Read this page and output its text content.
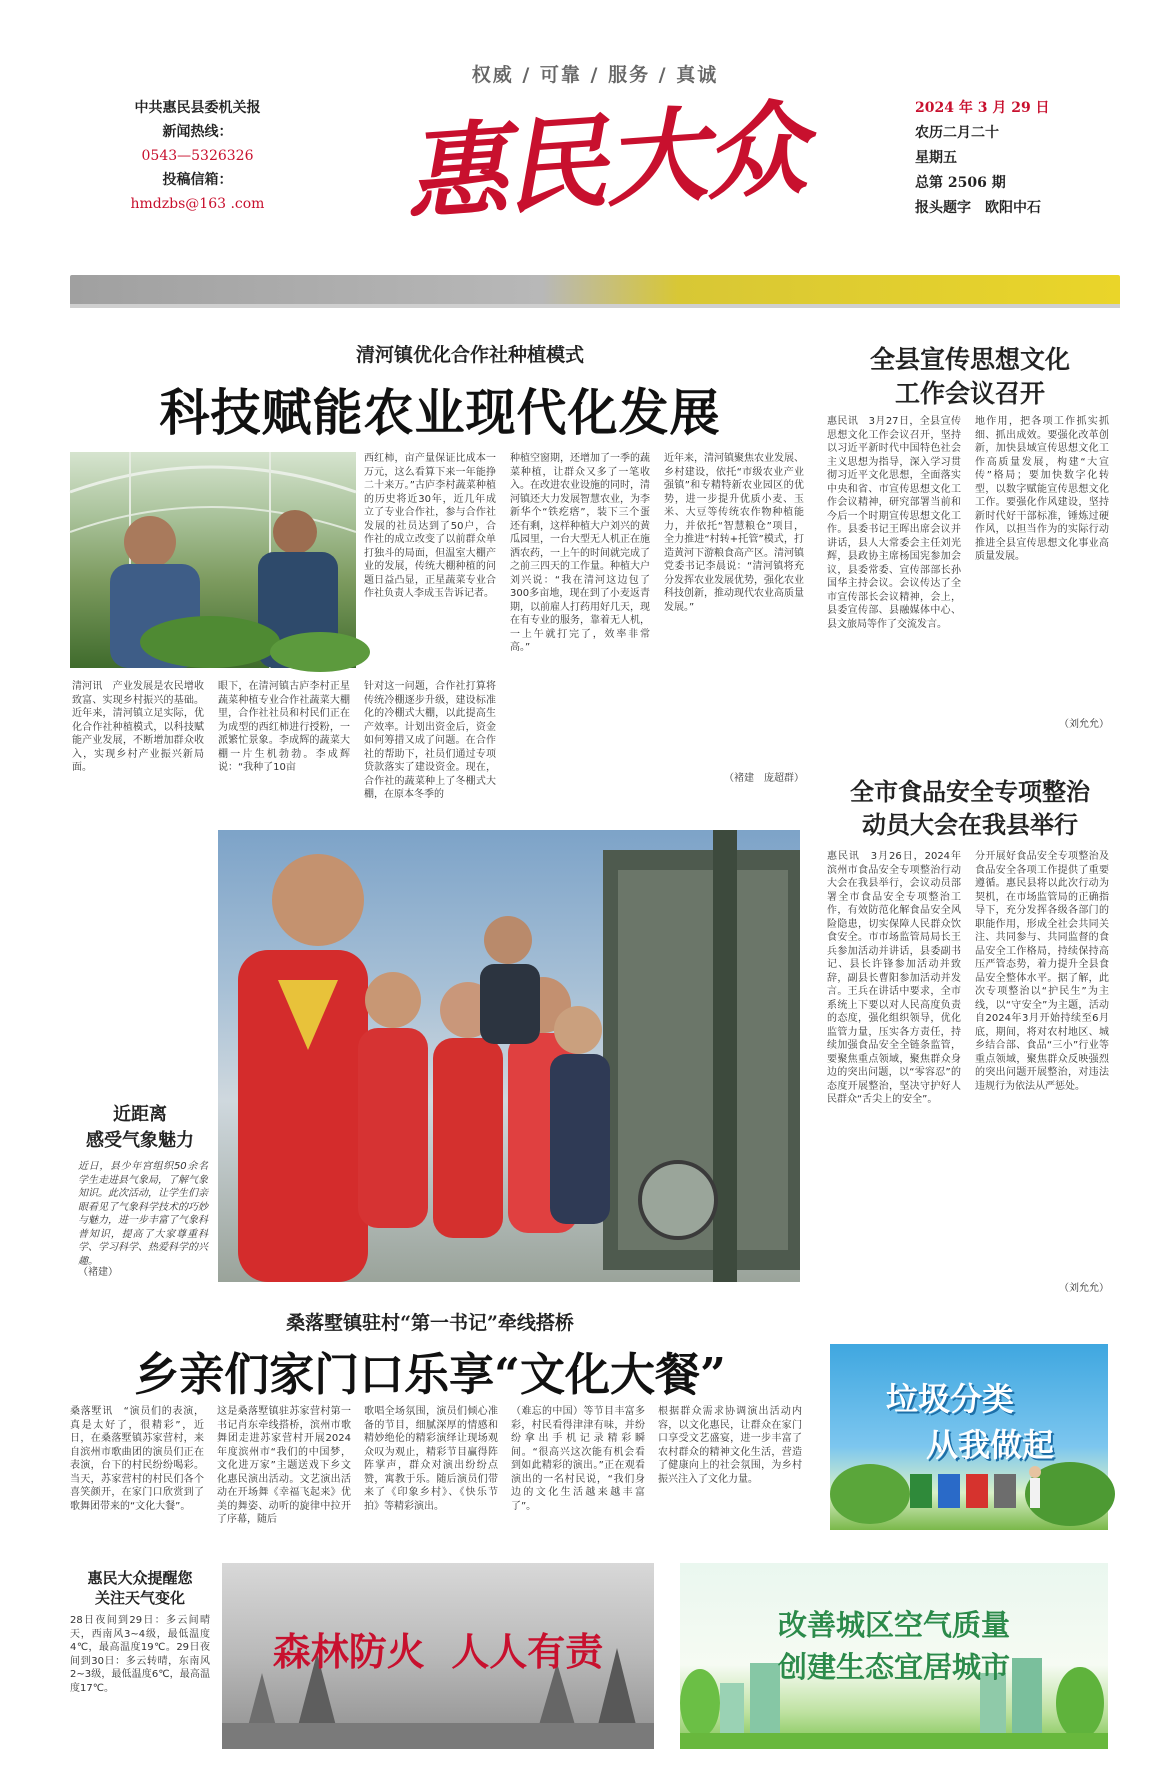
权威 / 可靠 / 服务 / 真诚
中共惠民县委机关报
新闻热线：
0543—5326326
投稿信箱：
hmdzbs@163 .com 惠民大众	2024 年 3 月 29 日
农历二月二十
星期五
总第 2506 期
报头题字　欧阳中石
清河镇优化合作社种植模式
科技赋能农业现代化发展
清河讯　产业发展是农民增收致富、实现乡村振兴的基础。近年来，清河镇立足实际，优化合作社种植模式，以科技赋能产业发展，不断增加群众收入，实现乡村产业振兴新局面。
眼下，在清河镇古庐李村正星蔬菜种植专业合作社蔬菜大棚里，合作社社员和村民们正在为成型的西红柿进行授粉，一派繁忙景象。李成辉的蔬菜大棚一片生机勃勃。李成辉说：“我种了10亩
针对这一问题，合作社打算将传统冷棚逐步升级，建设标准化的冷棚式大棚，以此提高生产效率。计划出资金后，资金如何筹措又成了问题。在合作社的帮助下，社员们通过专项贷款落实了建设资金。现在，合作社的蔬菜种上了冬棚式大棚，在原本冬季的
西红柿，亩产量保证比成本一万元，这么看算下来一年能挣二十来万。”古庐李村蔬菜种植的历史将近30年，近几年成立了专业合作社，参与合作社发展的社员达到了50户，合作社的成立改变了以前群众单打独斗的局面，但温室大棚产业的发展，传统大棚种植的问题日益凸显，正星蔬菜专业合作社负责人李成玉告诉记者。
种植空窗期，还增加了一季的蔬菜种植，让群众又多了一笔收入。在改进农业设施的同时，清河镇还大力发展智慧农业，为李新华个“铁疙瘩”，装下三个蛋还有剩，这样种植大户刘兴的黄瓜园里，一台大型无人机正在施洒农药，一上午的时间就完成了之前三四天的工作量。种植大户刘兴说：“我在清河这边包了300多亩地，现在到了小麦返青期，以前雇人打药用好几天，现在有专业的服务，靠着无人机，一上午就打完了，效率非常高。”
近年来，清河镇聚焦农业发展、乡村建设，依托“市级农业产业强镇”和专精特新农业园区的优势，进一步提升优质小麦、玉米、大豆等传统农作物种植能力，并依托“智慧粮仓”项目，全力推进“村转+托管”模式，打造黄河下游粮食高产区。清河镇党委书记李晨说：“清河镇将充分发挥农业发展优势，强化农业科技创新，推动现代农业高质量发展。”
（褚建　庞超群）
全县宣传思想文化
工作会议召开
惠民讯　3月27日，全县宣传思想文化工作会议召开，坚持以习近平新时代中国特色社会主义思想为指导，深入学习贯彻习近平文化思想，全面落实中央和省、市宣传思想文化工作会议精神，研究部署当前和今后一个时期宣传思想文化工作。县委书记王晖出席会议并讲话，县人大常委会主任刘光辉，县政协主席杨国宪参加会议，县委常委、宣传部部长孙国华主持会议。会议传达了全市宣传部长会议精神，会上，县委宣传部、县融媒体中心、县文旅局等作了交流发言。
地作用，把各项工作抓实抓细、抓出成效。要强化改革创新，加快县域宣传思想文化工作高质量发展，构建“大宣传”格局；要加快数字化转型，以数字赋能宣传思想文化工作。要强化作风建设，坚持新时代好干部标准，锤炼过硬作风，以担当作为的实际行动推进全县宣传思想文化事业高质量发展。
（刘允允）
全市食品安全专项整治
动员大会在我县举行
惠民讯　3月26日，2024年滨州市食品安全专项整治行动大会在我县举行，会议动员部署全市食品安全专项整治工作，有效防范化解食品安全风险隐患，切实保障人民群众饮食安全。市市场监管局局长王兵参加活动并讲话，县委副书记、县长许锋参加活动并致辞，副县长曹阳参加活动并发言。王兵在讲话中要求，全市系统上下要以对人民高度负责的态度，强化组织领导，优化监管力量，压实各方责任，持续加强食品安全全链条监管，要聚焦重点领域，聚焦群众身边的突出问题，以“零容忍”的态度开展整治，坚决守护好人民群众“舌尖上的安全”。
分开展好食品安全专项整治及食品安全各项工作提供了重要遵循。惠民县将以此次行动为契机，在市场监管局的正确指导下，充分发挥各级各部门的职能作用，形成全社会共同关注、共同参与、共同监督的食品安全工作格局，持续保持高压严管态势，着力提升全县食品安全整体水平。据了解，此次专项整治以“护民生”为主线，以“守安全”为主题，活动自2024年3月开始持续至6月底，期间，将对农村地区、城乡结合部、食品“三小”行业等重点领域，聚焦群众反映强烈的突出问题开展整治，对违法违规行为依法从严惩处。
（刘允允）
近距离
感受气象魅力
近日，县少年宫组织50余名学生走进县气象局，了解气象知识。此次活动，让学生们亲眼看见了气象科学技术的巧妙与魅力，进一步丰富了气象科普知识，提高了大家尊重科学、学习科学、热爱科学的兴趣。
（褚建）
桑落墅镇驻村“第一书记”牵线搭桥
乡亲们家门口乐享“文化大餐”
桑落墅讯　“演员们的表演，真是太好了，很精彩”，近日，在桑落墅镇苏家营村，来自滨州市歌曲团的演员们正在表演，台下的村民纷纷喝彩。当天，苏家营村的村民们各个喜笑颜开，在家门口欣赏到了歌舞团带来的“文化大餐”。
这是桑落墅镇驻苏家营村第一书记肖东牵线搭桥，滨州市歌舞团走进苏家营村开展2024年度滨州市“我们的中国梦，文化进万家”主题送戏下乡文化惠民演出活动。文艺演出活动在开场舞《幸福飞起来》优美的舞姿、动听的旋律中拉开了序幕，随后
歌唱全场氛围，演员们倾心准备的节目，细腻深厚的情感和精妙绝伦的精彩演绎让现场观众叹为观止，精彩节目赢得阵阵掌声，群众对演出纷纷点赞，寓教于乐。随后演员们带来了《印象乡村》、《快乐节拍》等精彩演出。
（难忘的中国）等节目丰富多彩，村民看得津津有味，并纷纷拿出手机记录精彩瞬间。“很高兴这次能有机会看到如此精彩的演出。”正在观看演出的一名村民说，“我们身边的文化生活越来越丰富了”。
根据群众需求协调演出活动内容，以文化惠民，让群众在家门口享受文艺盛宴，进一步丰富了农村群众的精神文化生活，营造了健康向上的社会氛围，为乡村振兴注入了文化力量。
垃圾分类
从我做起
惠民大众提醒您
关注天气变化
28日夜间到29日：多云间晴天，西南风3~4级，最低温度4℃，最高温度19℃。29日夜间到30日：多云转晴，东南风2~3级，最低温度6℃，最高温度17℃。
森林防火  人人有责
改善城区空气质量
创建生态宜居城市
